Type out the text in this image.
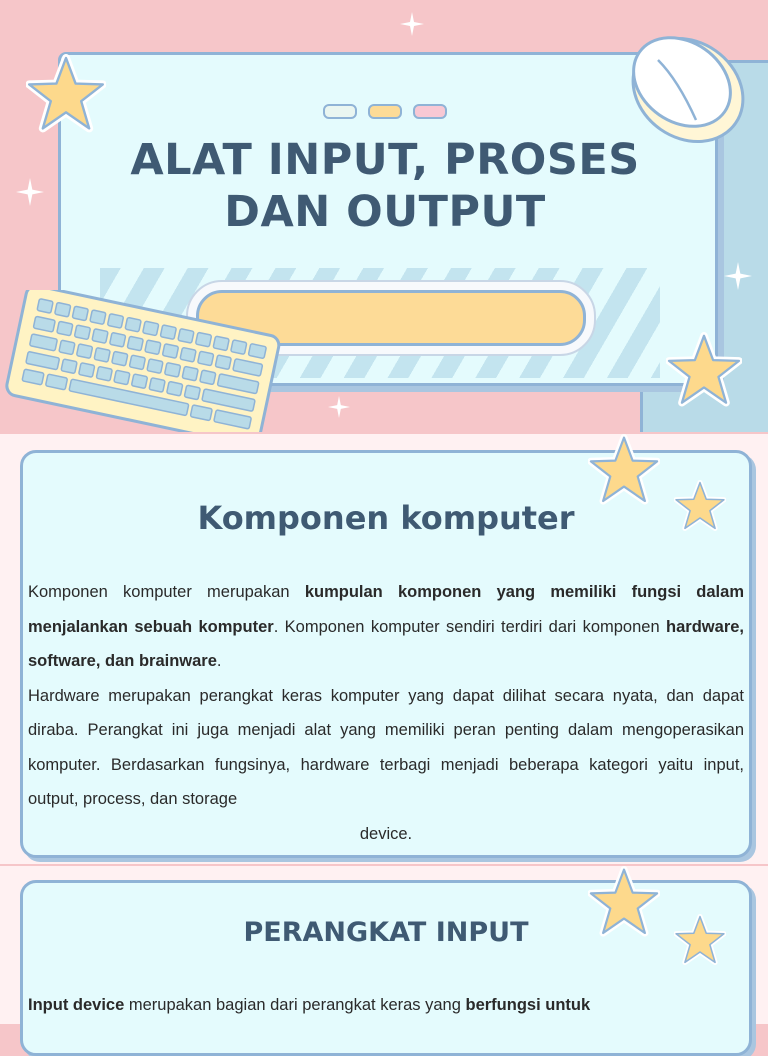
ALAT INPUT, PROSES
DAN OUTPUT
Komponen komputer

Komponen komputer merupakan kumpulan komponen yang memiliki fungsi dalam menjalankan sebuah komputer. Komponen komputer sendiri terdiri dari komponen hardware, software, dan brainware.
Hardware merupakan perangkat keras komputer yang dapat dilihat secara nyata, dan dapat diraba. Perangkat ini juga menjadi alat yang memiliki peran penting dalam mengoperasikan komputer. Berdasarkan fungsinya, hardware terbagi menjadi beberapa kategori yaitu input, output, process, dan storage
device.

PERANGKAT INPUT

Input device merupakan bagian dari perangkat keras yang berfungsi untuk
